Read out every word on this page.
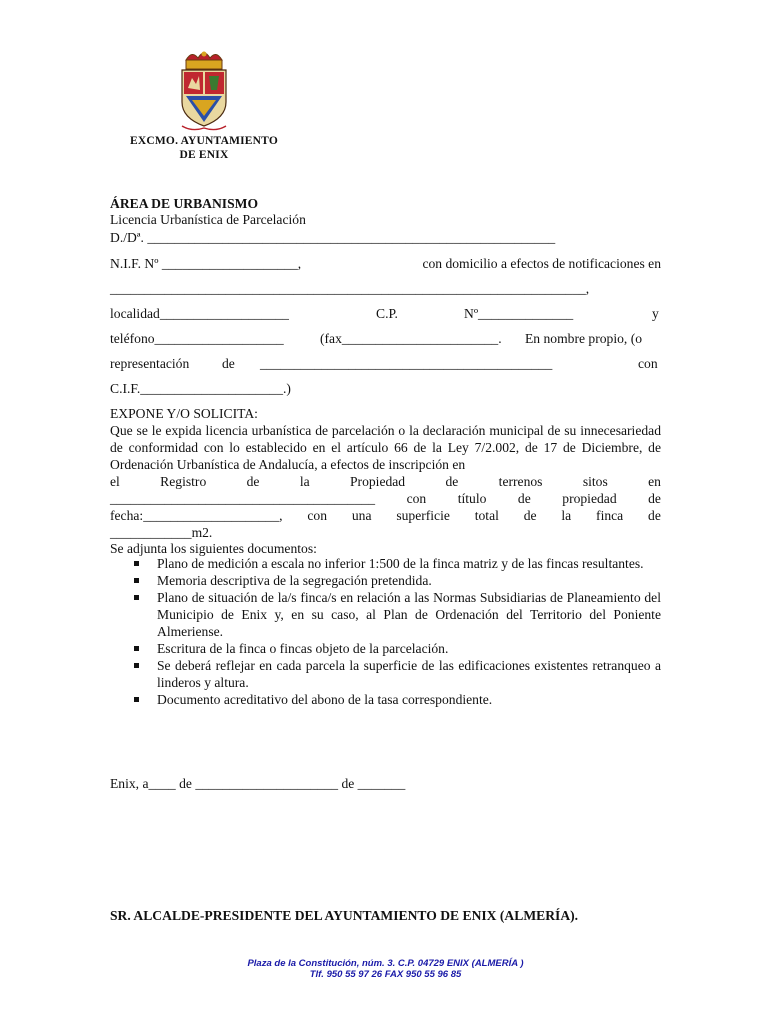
EXCMO. AYUNTAMIENTO
DE ENIX
ÁREA DE URBANISMO
Licencia Urbanística de Parcelación
D./Dª. ____________________________________________________________
N.I.F. Nº ____________________,	con domicilio a efectos de notificaciones en
______________________________________________________________________,
localidad___________________	C.P.	Nº______________	y
teléfono___________________	(fax_______________________. En nombre propio, (o
representación de ___________________________________________	con
C.I.F._____________________.)
EXPONE Y/O SOLICITA:
Que se le expida licencia urbanística de parcelación o la declaración municipal de su innecesariedad de conformidad con lo establecido en el artículo 66 de la Ley 7/2.002, de 17 de Diciembre, de Ordenación Urbanística de Andalucía, a efectos de inscripción en
el	Registro	de	la	Propiedad	de	terrenos	sitos	en
_______________________________________ con título de propiedad de
fecha:____________________, con una superficie total de la finca de
____________m2.
Se adjunta los siguientes documentos:
Plano de medición a escala no inferior 1:500 de la finca matriz y de las fincas resultantes.
Memoria descriptiva de la segregación pretendida.
Plano de situación de la/s finca/s en relación a las Normas Subsidiarias de Planeamiento del Municipio de Enix y, en su caso, al Plan de Ordenación del Territorio del Poniente Almeriense.
Escritura de la finca o fincas objeto de la parcelación.
Se deberá reflejar en cada parcela la superficie de las edificaciones existentes retranqueo a linderos y altura.
Documento acreditativo del abono de la tasa correspondiente.
Enix, a____ de _____________________ de _______
SR. ALCALDE-PRESIDENTE DEL AYUNTAMIENTO DE ENIX (ALMERÍA).
Plaza de la Constitución, núm. 3. C.P. 04729 ENIX (ALMERÍA )
Tlf. 950 55 97 26 FAX 950 55 96 85
